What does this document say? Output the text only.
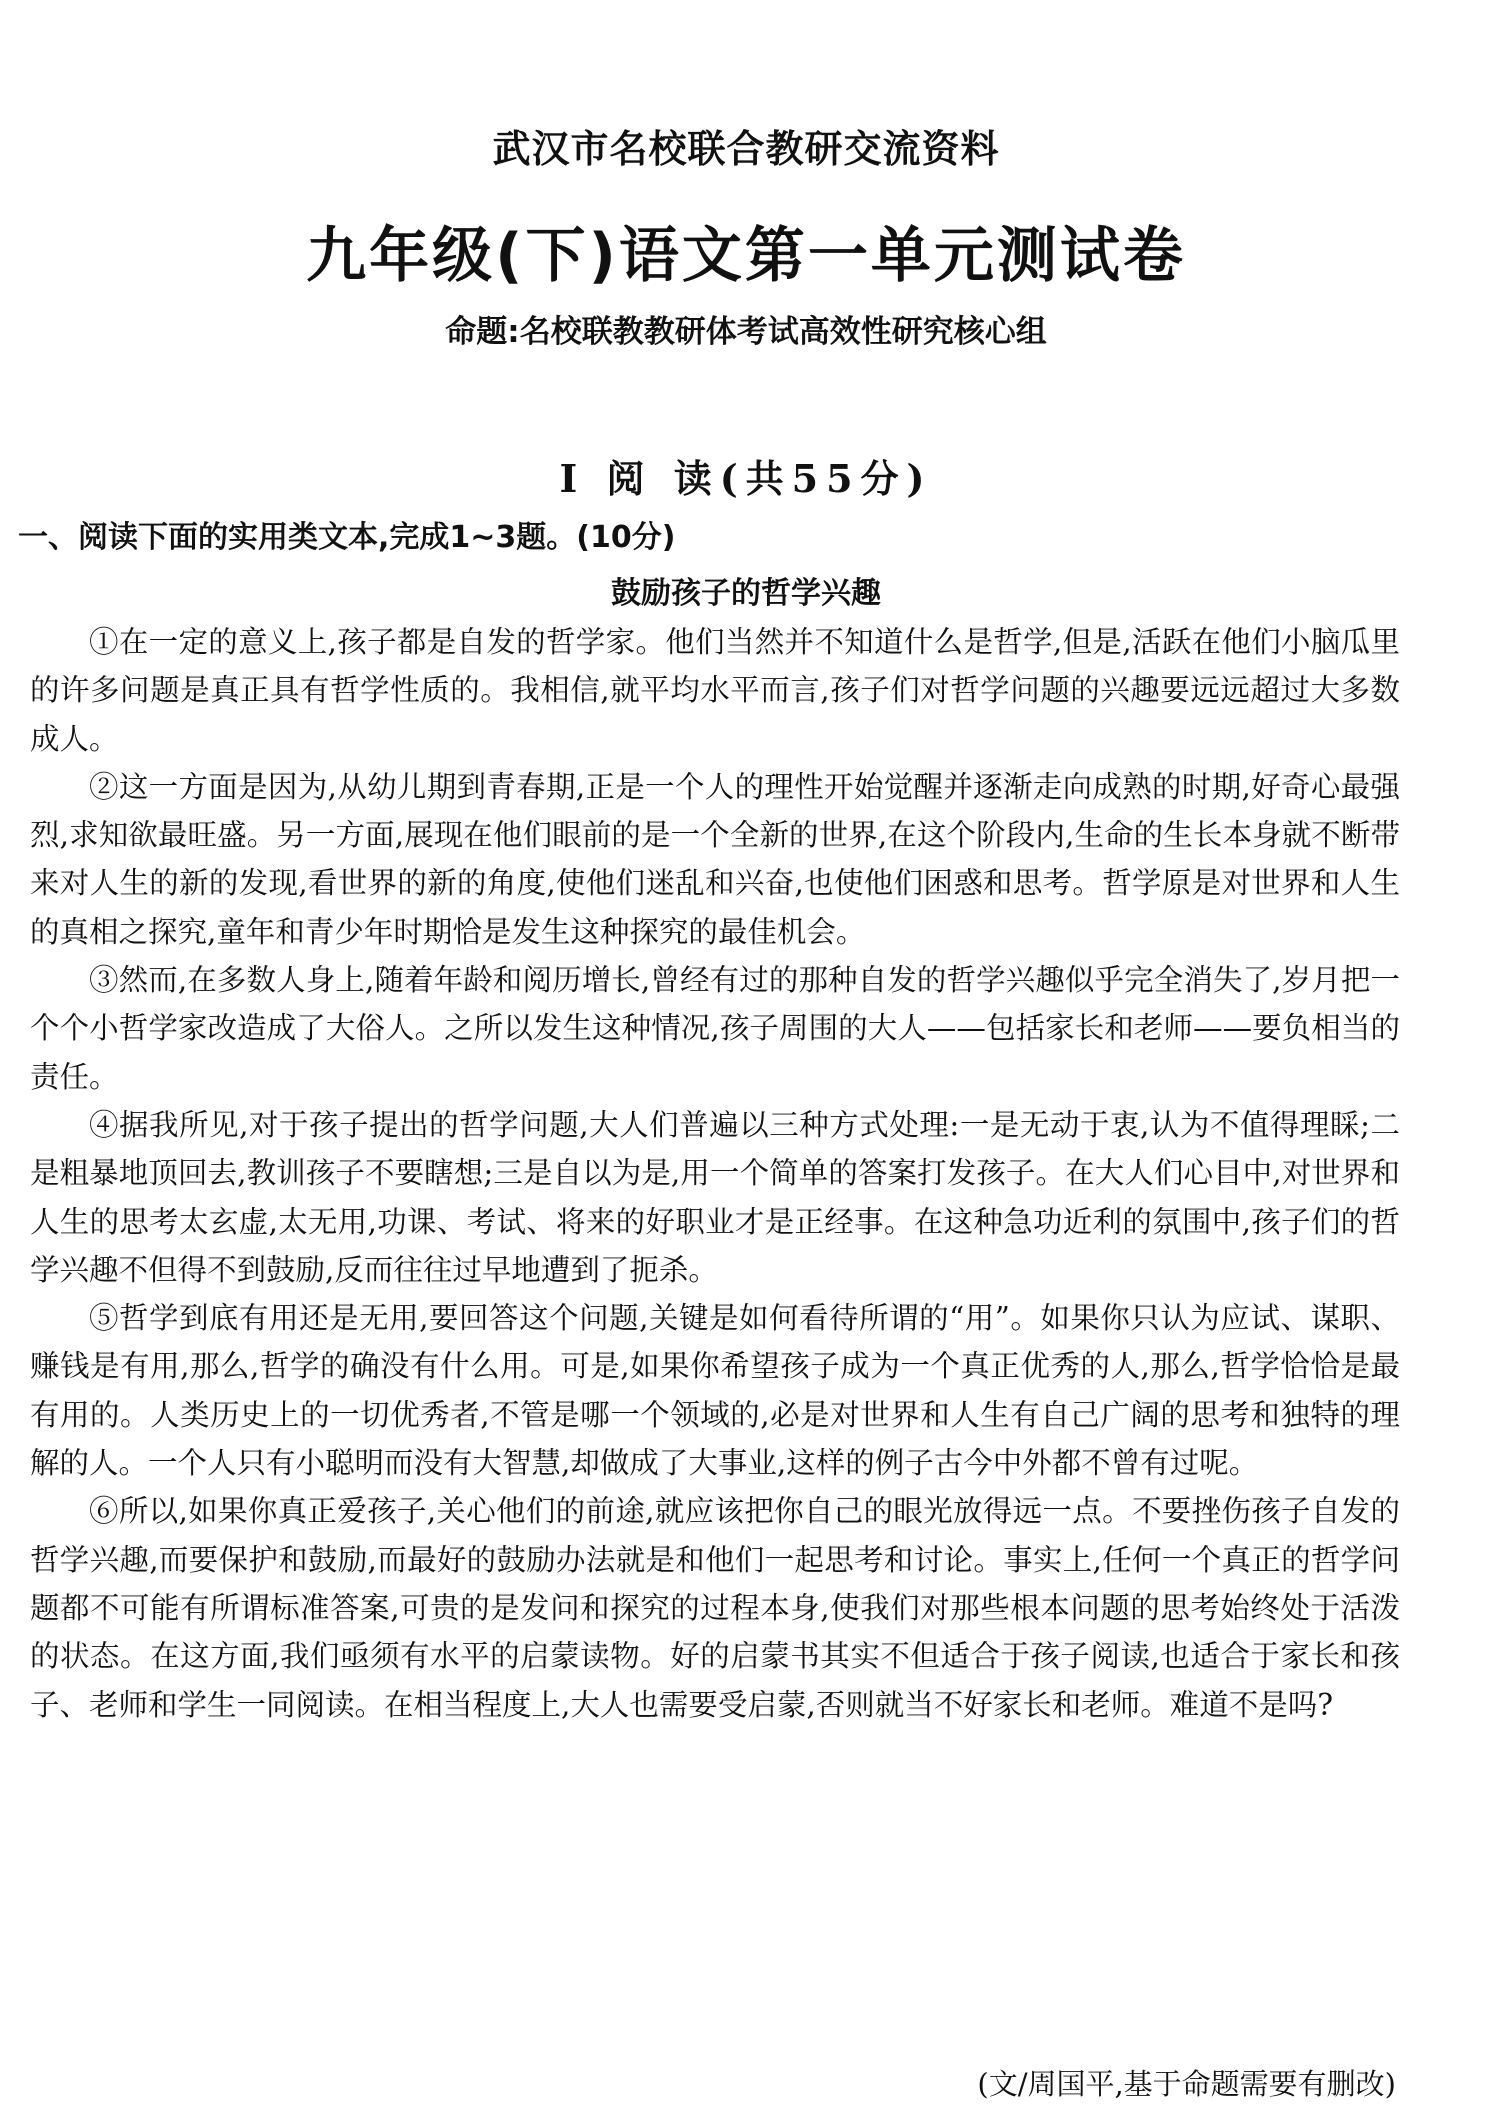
武汉市名校联合教研交流资料
九年级(下)语文第一单元测试卷
命题:名校联教教研体考试高效性研究核心组
Ⅰ 阅 读(共55分)
一、阅读下面的实用类文本,完成1~3题。(10分)
鼓励孩子的哲学兴趣

①在一定的意义上,孩子都是自发的哲学家。他们当然并不知道什么是哲学,但是,活跃在他们小脑瓜里的许多问题是真正具有哲学性质的。我相信,就平均水平而言,孩子们对哲学问题的兴趣要远远超过大多数成人。

②这一方面是因为,从幼儿期到青春期,正是一个人的理性开始觉醒并逐渐走向成熟的时期,好奇心最强烈,求知欲最旺盛。另一方面,展现在他们眼前的是一个全新的世界,在这个阶段内,生命的生长本身就不断带来对人生的新的发现,看世界的新的角度,使他们迷乱和兴奋,也使他们困惑和思考。哲学原是对世界和人生的真相之探究,童年和青少年时期恰是发生这种探究的最佳机会。

③然而,在多数人身上,随着年龄和阅历增长,曾经有过的那种自发的哲学兴趣似乎完全消失了,岁月把一个个小哲学家改造成了大俗人。之所以发生这种情况,孩子周围的大人——包括家长和老师——要负相当的责任。

④据我所见,对于孩子提出的哲学问题,大人们普遍以三种方式处理:一是无动于衷,认为不值得理睬;二是粗暴地顶回去,教训孩子不要瞎想;三是自以为是,用一个简单的答案打发孩子。在大人们心目中,对世界和人生的思考太玄虚,太无用,功课、考试、将来的好职业才是正经事。在这种急功近利的氛围中,孩子们的哲学兴趣不但得不到鼓励,反而往往过早地遭到了扼杀。

⑤哲学到底有用还是无用,要回答这个问题,关键是如何看待所谓的“用”。如果你只认为应试、谋职、赚钱是有用,那么,哲学的确没有什么用。可是,如果你希望孩子成为一个真正优秀的人,那么,哲学恰恰是最有用的。人类历史上的一切优秀者,不管是哪一个领域的,必是对世界和人生有自己广阔的思考和独特的理解的人。一个人只有小聪明而没有大智慧,却做成了大事业,这样的例子古今中外都不曾有过呢。

⑥所以,如果你真正爱孩子,关心他们的前途,就应该把你自己的眼光放得远一点。不要挫伤孩子自发的哲学兴趣,而要保护和鼓励,而最好的鼓励办法就是和他们一起思考和讨论。事实上,任何一个真正的哲学问题都不可能有所谓标准答案,可贵的是发问和探究的过程本身,使我们对那些根本问题的思考始终处于活泼的状态。在这方面,我们亟须有水平的启蒙读物。好的启蒙书其实不但适合于孩子阅读,也适合于家长和孩子、老师和学生一同阅读。在相当程度上,大人也需要受启蒙,否则就当不好家长和老师。难道不是吗?

(文/周国平,基于命题需要有删改)
